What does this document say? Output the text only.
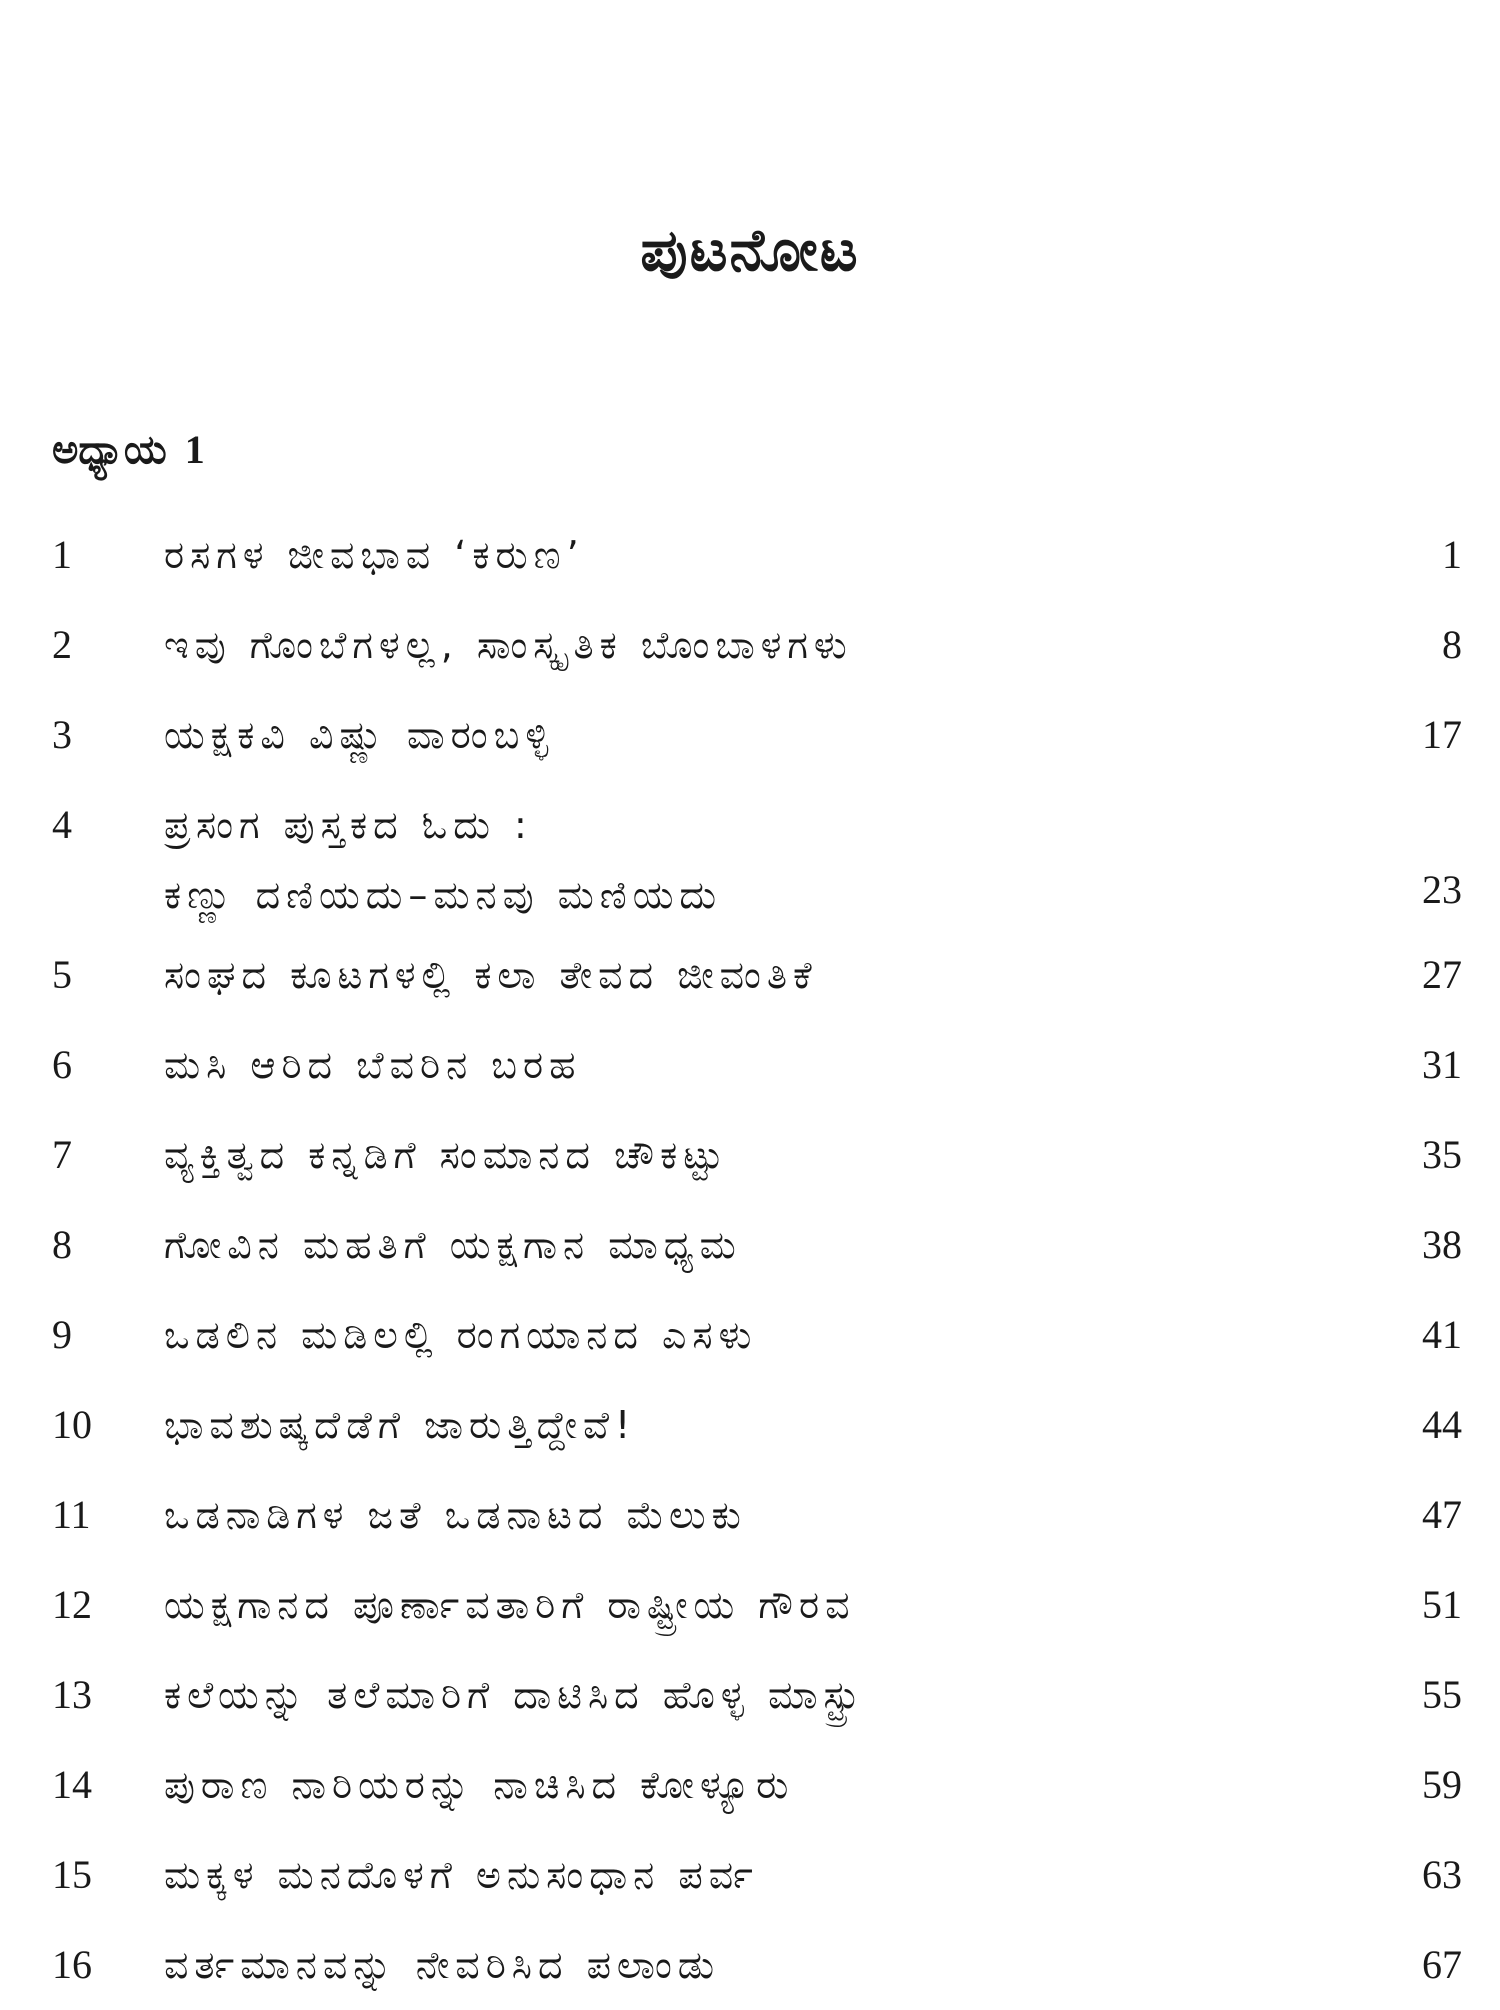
ಪುಟನೋಟ
ಅಧ್ಯಾಯ 1
1	ರಸಗಳ ಜೀವಭಾವ ‘ಕರುಣ’	1
2	ಇವು ಗೊಂಬೆಗಳಲ್ಲ, ಸಾಂಸ್ಕೃತಿಕ ಬೊಂಬಾಳಗಳು	8
3	ಯಕ್ಷಕವಿ ವಿಷ್ಣು ವಾರಂಬಳ್ಳಿ	17
4	ಪ್ರಸಂಗ ಪುಸ್ತಕದ ಓದು :
ಕಣ್ಣು ದಣಿಯದು–ಮನವು ಮಣಿಯದು	23
5	ಸಂಘದ ಕೂಟಗಳಲ್ಲಿ ಕಲಾ ತೇವದ ಜೀವಂತಿಕೆ	27
6	ಮಸಿ ಆರಿದ ಬೆವರಿನ ಬರಹ	31
7	ವ್ಯಕ್ತಿತ್ವದ ಕನ್ನಡಿಗೆ ಸಂಮಾನದ ಚೌಕಟ್ಟು	35
8	ಗೋವಿನ ಮಹತಿಗೆ ಯಕ್ಷಗಾನ ಮಾಧ್ಯಮ	38
9	ಒಡಲಿನ ಮಡಿಲಲ್ಲಿ ರಂಗಯಾನದ ಎಸಳು	41
10	ಭಾವಶುಷ್ಕದೆಡೆಗೆ ಜಾರುತ್ತಿದ್ದೇವೆ!	44
11	ಒಡನಾಡಿಗಳ ಜತೆ ಒಡನಾಟದ ಮೆಲುಕು	47
12	ಯಕ್ಷಗಾನದ ಪೂರ್ಣಾವತಾರಿಗೆ ರಾಷ್ಟ್ರೀಯ ಗೌರವ	51
13	ಕಲೆಯನ್ನು ತಲೆಮಾರಿಗೆ ದಾಟಿಸಿದ ಹೊಳ್ಳ ಮಾಸ್ಟ್ರು	55
14	ಪುರಾಣ ನಾರಿಯರನ್ನು ನಾಚಿಸಿದ ಕೋಳ್ಯೂರು	59
15	ಮಕ್ಕಳ ಮನದೊಳಗೆ ಅನುಸಂಧಾನ ಪರ್ವ	63
16	ವರ್ತಮಾನವನ್ನು ನೇವರಿಸಿದ ಪಲಾಂಡು	67
